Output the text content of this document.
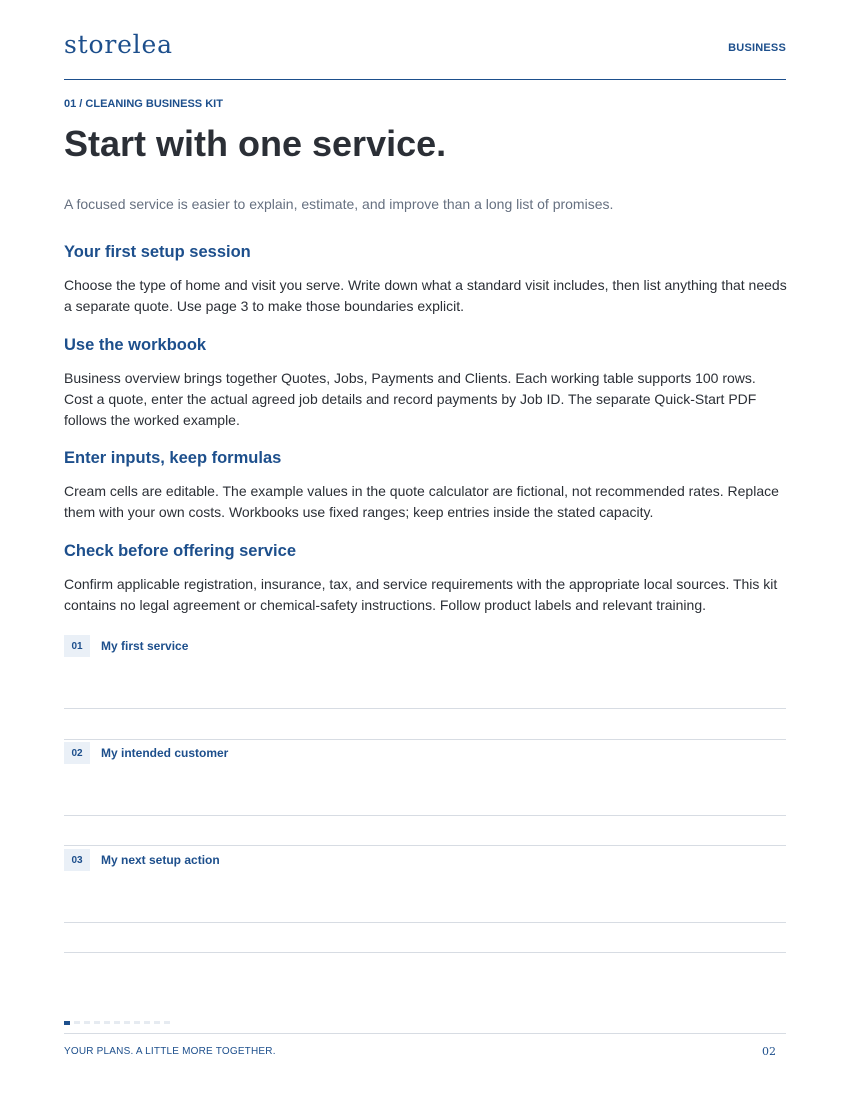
storelea	BUSINESS
01 / CLEANING BUSINESS KIT
Start with one service.

A focused service is easier to explain, estimate, and improve than a long list of promises.

Your first setup session

Choose the type of home and visit you serve. Write down what a standard visit includes, then list anything that needs a separate quote. Use page 3 to make those boundaries explicit.

Use the workbook

Business overview brings together Quotes, Jobs, Payments and Clients. Each working table supports 100 rows. Cost a quote, enter the actual agreed job details and record payments by Job ID. The separate Quick-Start PDF follows the worked example.

Enter inputs, keep formulas

Cream cells are editable. The example values in the quote calculator are fictional, not recommended rates. Replace them with your own costs. Workbooks use fixed ranges; keep entries inside the stated capacity.

Check before offering service

Confirm applicable registration, insurance, tax, and service requirements with the appropriate local sources. This kit contains no legal agreement or chemical-safety instructions. Follow product labels and relevant training.

01	My first service
02	My intended customer
03	My next setup action
YOUR PLANS. A LITTLE MORE TOGETHER.	02
